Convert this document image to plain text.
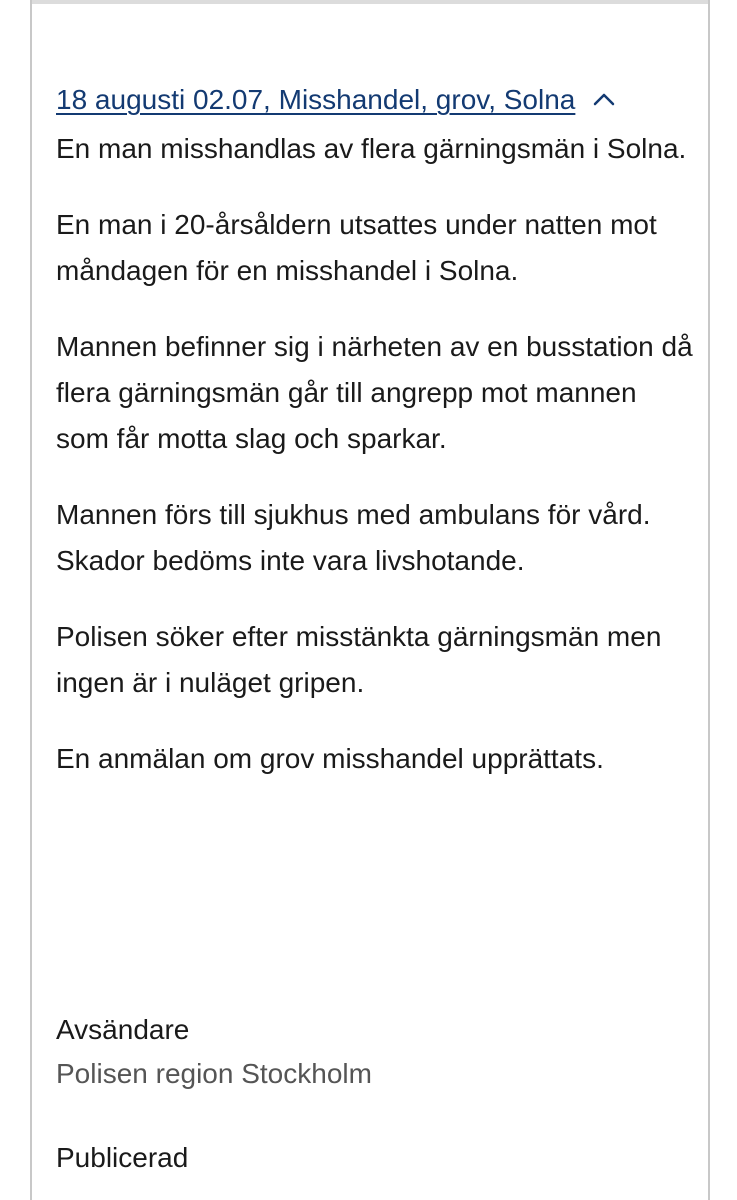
18 augusti 02.07, Misshandel, grov, Solna

En man misshandlas av flera gärningsmän i Solna.

En man i 20-årsåldern utsattes under natten mot måndagen för en misshandel i Solna.

Mannen befinner sig i närheten av en busstation då flera gärningsmän går till angrepp mot mannen som får motta slag och sparkar.

Mannen förs till sjukhus med ambulans för vård. Skador bedöms inte vara livshotande.

Polisen söker efter misstänkta gärningsmän men ingen är i nuläget gripen.

En anmälan om grov misshandel upprättats.

Avsändare
Polisen region Stockholm
Publicerad
